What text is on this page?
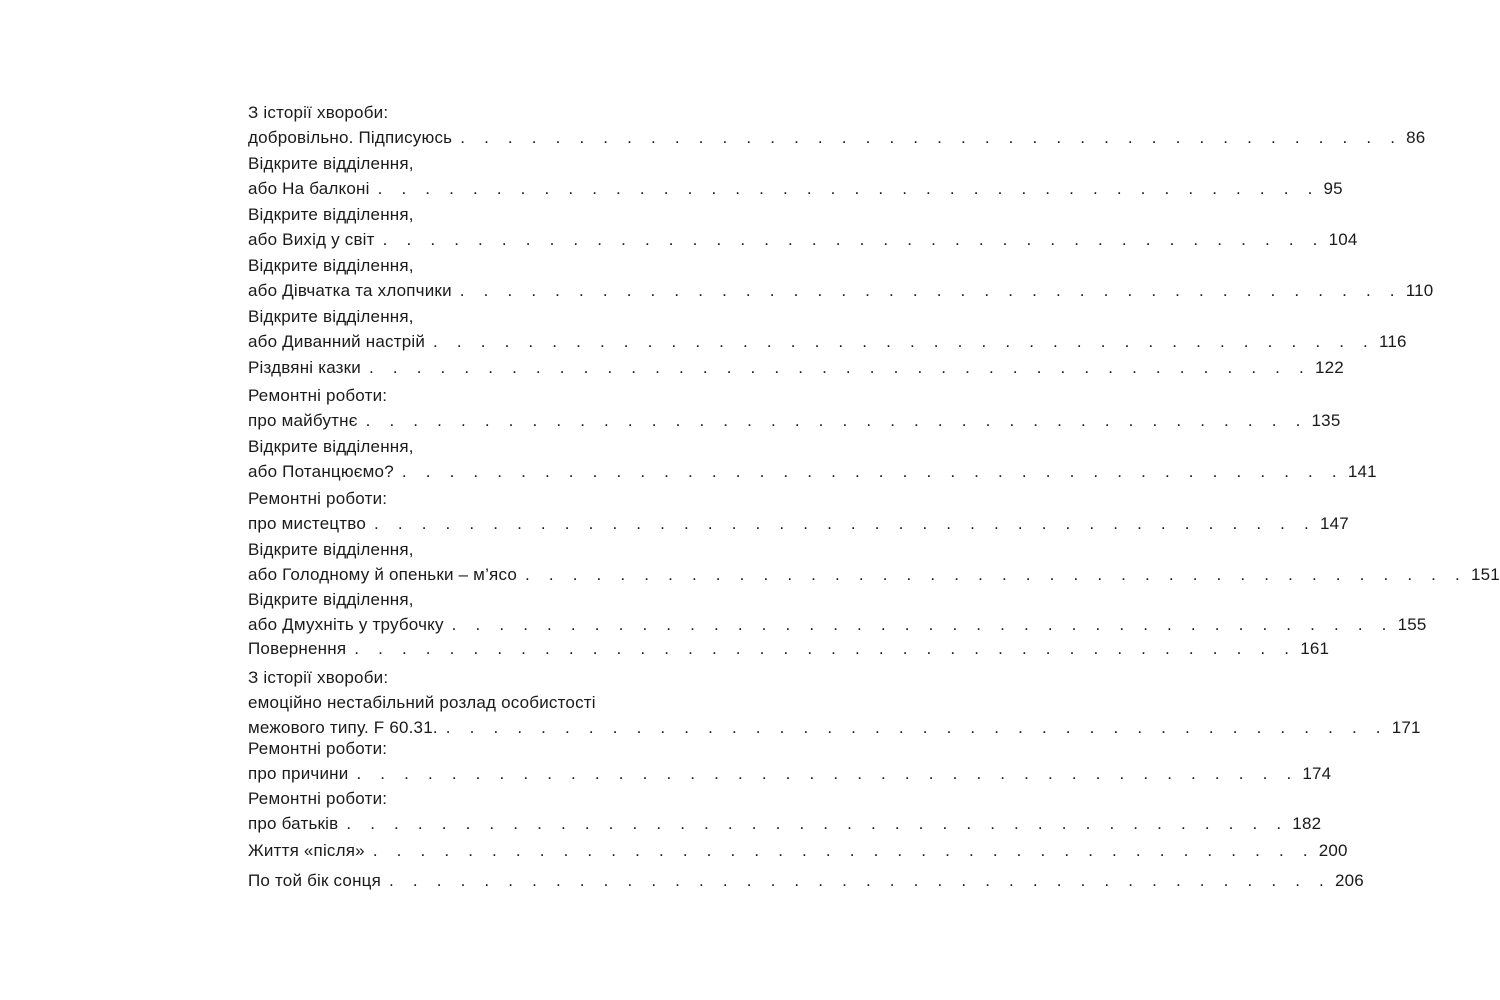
З історії хвороби:
добровільно. Підписуюсь . . . . . . . . . . . . . . . . . . . . . . . . . . . . . . . . . . . . . . . . 86
Відкрите відділення,
або На балконі . . . . . . . . . . . . . . . . . . . . . . . . . . . . . . . . . . . . . . . . 95
Відкрите відділення,
або Вихід у світ . . . . . . . . . . . . . . . . . . . . . . . . . . . . . . . . . . . . . . . . 104
Відкрите відділення,
або Дівчатка та хлопчики . . . . . . . . . . . . . . . . . . . . . . . . . . . . . . . . . . . . . . . . 110
Відкрите відділення,
або Диванний настрій . . . . . . . . . . . . . . . . . . . . . . . . . . . . . . . . . . . . . . . . 116
Різдвяні казки . . . . . . . . . . . . . . . . . . . . . . . . . . . . . . . . . . . . . . . . 122
Ремонтні роботи:
про майбутнє . . . . . . . . . . . . . . . . . . . . . . . . . . . . . . . . . . . . . . . . 135
Відкрите відділення,
або Потанцюємо? . . . . . . . . . . . . . . . . . . . . . . . . . . . . . . . . . . . . . . . . 141
Ремонтні роботи:
про мистецтво . . . . . . . . . . . . . . . . . . . . . . . . . . . . . . . . . . . . . . . . 147
Відкрите відділення,
або Голодному й опеньки – м’ясо . . . . . . . . . . . . . . . . . . . . . . . . . . . . . . . . . . . . . . . . 151
Відкрите відділення,
або Дмухніть у трубочку . . . . . . . . . . . . . . . . . . . . . . . . . . . . . . . . . . . . . . . . 155
Повернення . . . . . . . . . . . . . . . . . . . . . . . . . . . . . . . . . . . . . . . . 161
З історії хвороби:
емоційно нестабільний розлад особистості
межового типу. F 60.31. . . . . . . . . . . . . . . . . . . . . . . . . . . . . . . . . . . . . . . . . 171
Ремонтні роботи:
про причини . . . . . . . . . . . . . . . . . . . . . . . . . . . . . . . . . . . . . . . . 174
Ремонтні роботи:
про батьків . . . . . . . . . . . . . . . . . . . . . . . . . . . . . . . . . . . . . . . . 182
Життя «після» . . . . . . . . . . . . . . . . . . . . . . . . . . . . . . . . . . . . . . . . 200
По той бік сонця . . . . . . . . . . . . . . . . . . . . . . . . . . . . . . . . . . . . . . . . 206
